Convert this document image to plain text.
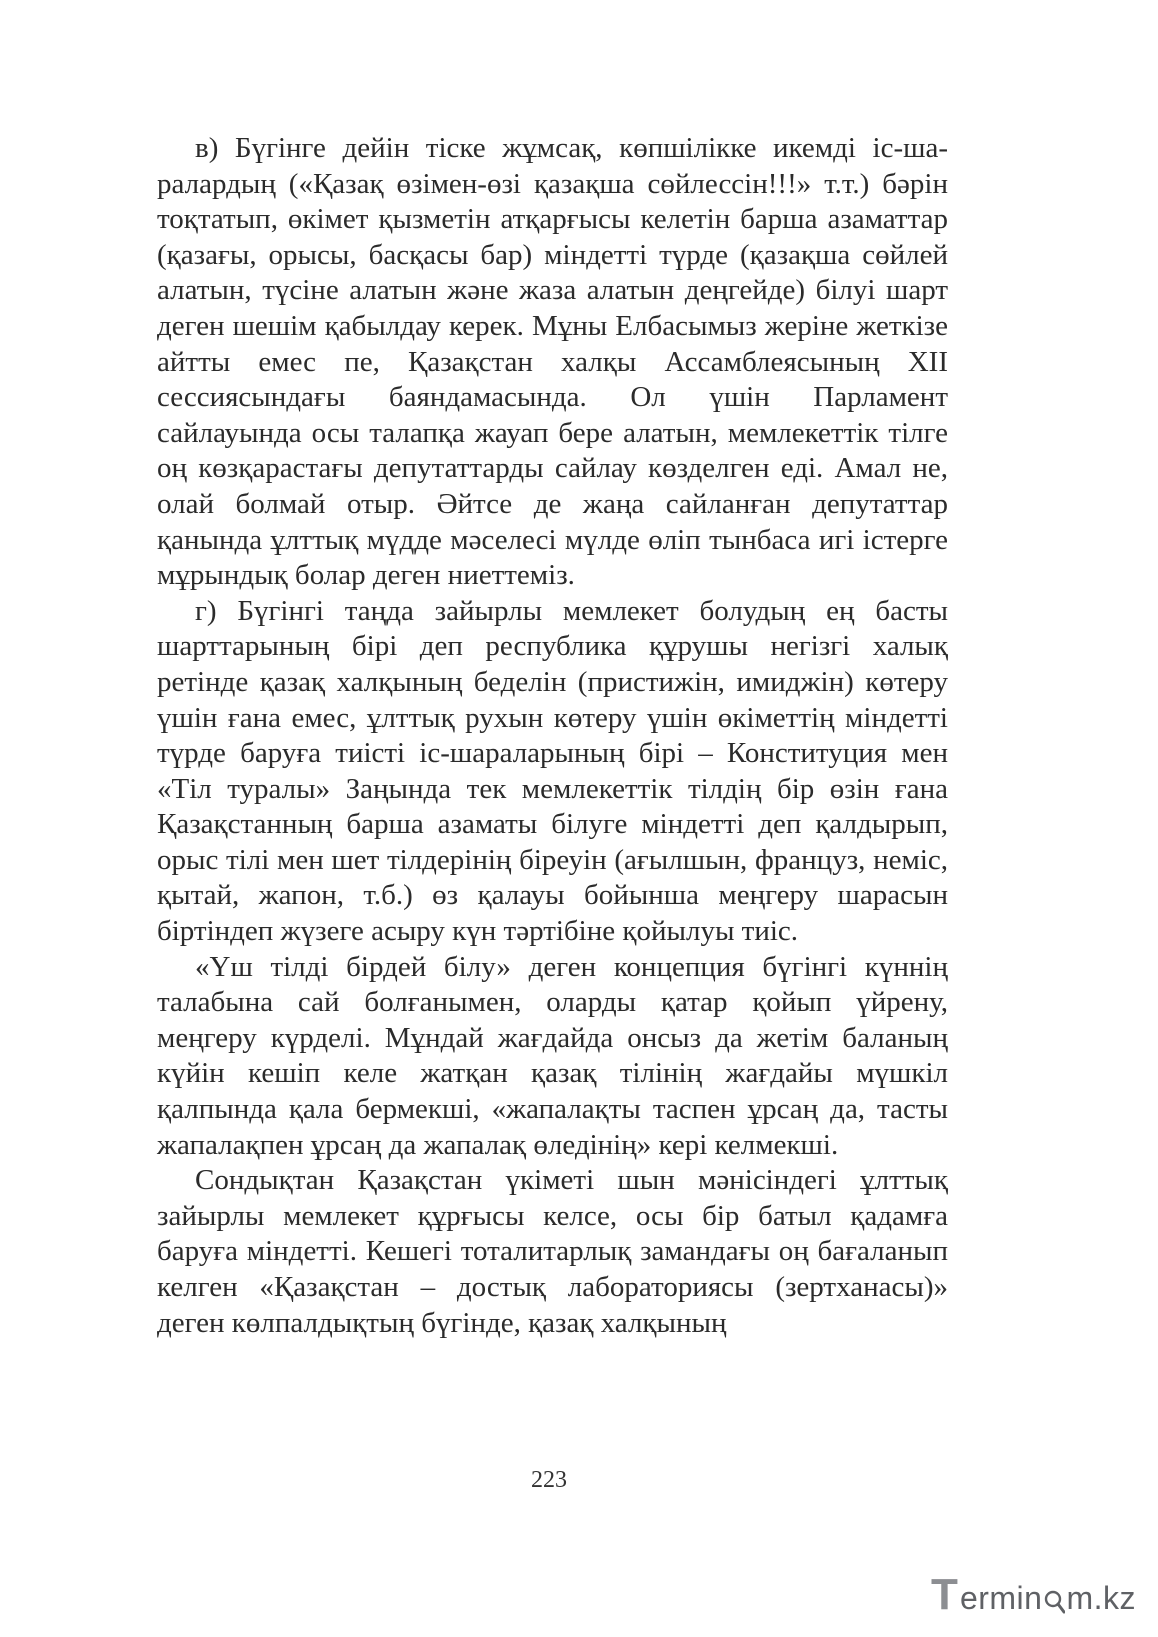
в) Бүгінге дейін тіске жұмсақ, көпшілікке икемді іс-шаралардың («Қазақ өзімен-өзі қазақша сөйлессін!!!» т.т.) бәрін тоқтатып, өкімет қызметін атқарғысы келетін барша азаматтар (қазағы, орысы, басқасы бар) міндетті түрде (қазақша сөйлей алатын, түсіне алатын және жаза алатын деңгейде) білуі шарт деген шешім қабылдау керек. Мұны Елбасымыз жеріне жеткізе айтты емес пе, Қазақстан халқы Ассамблеясының XII сессиясындағы баяндамасында. Ол үшін Парламент сайлауында осы талапқа жауап бере алатын, мемлекеттік тілге оң көзқарастағы депутаттарды сайлау көзделген еді. Амал не, олай болмай отыр. Әйтсе де жаңа сайланған депутаттар қанында ұлттық мүдде мәселесі мүлде өліп тынбаса игі істерге мұрындық болар деген ниеттеміз.

г) Бүгінгі таңда зайырлы мемлекет болудың ең басты шарттарының бірі деп республика құрушы негізгі халық ретінде қазақ халқының беделін (пристижін, имиджін) көтеру үшін ғана емес, ұлттық рухын көтеру үшін өкіметтің міндетті түрде баруға тиісті іс-шараларының бірі – Конституция мен «Тіл туралы» Заңында тек мемлекеттік тілдің бір өзін ғана Қазақстанның барша азаматы білуге міндетті деп қалдырып, орыс тілі мен шет тілдерінің біреуін (ағылшын, француз, неміс, қытай, жапон, т.б.) өз қалауы бойынша меңгеру шарасын біртіндеп жүзеге асыру күн тәртібіне қойылуы тиіс.

«Үш тілді бірдей білу» деген концепция бүгінгі күннің талабына сай болғанымен, оларды қатар қойып үйрену, меңгеру күрделі. Мұндай жағдайда онсыз да жетім баланың күйін кешіп келе жатқан қазақ тілінің жағдайы мүшкіл қалпында қала бермекші, «жапалақты таспен ұрсаң да, тасты жапалақпен ұрсаң да жапалақ өледінің» кері келмекші.

Сондықтан Қазақстан үкіметі шын мәнісіндегі ұлттық зайырлы мемлекет құрғысы келсе, осы бір батыл қадамға баруға міндетті. Кешегі тоталитарлық замандағы оң бағаланып келген «Қазақстан – достық лабораториясы (зертханасы)» деген көлпалдықтың бүгінде, қазақ халқының

223
T ermin m.kz
